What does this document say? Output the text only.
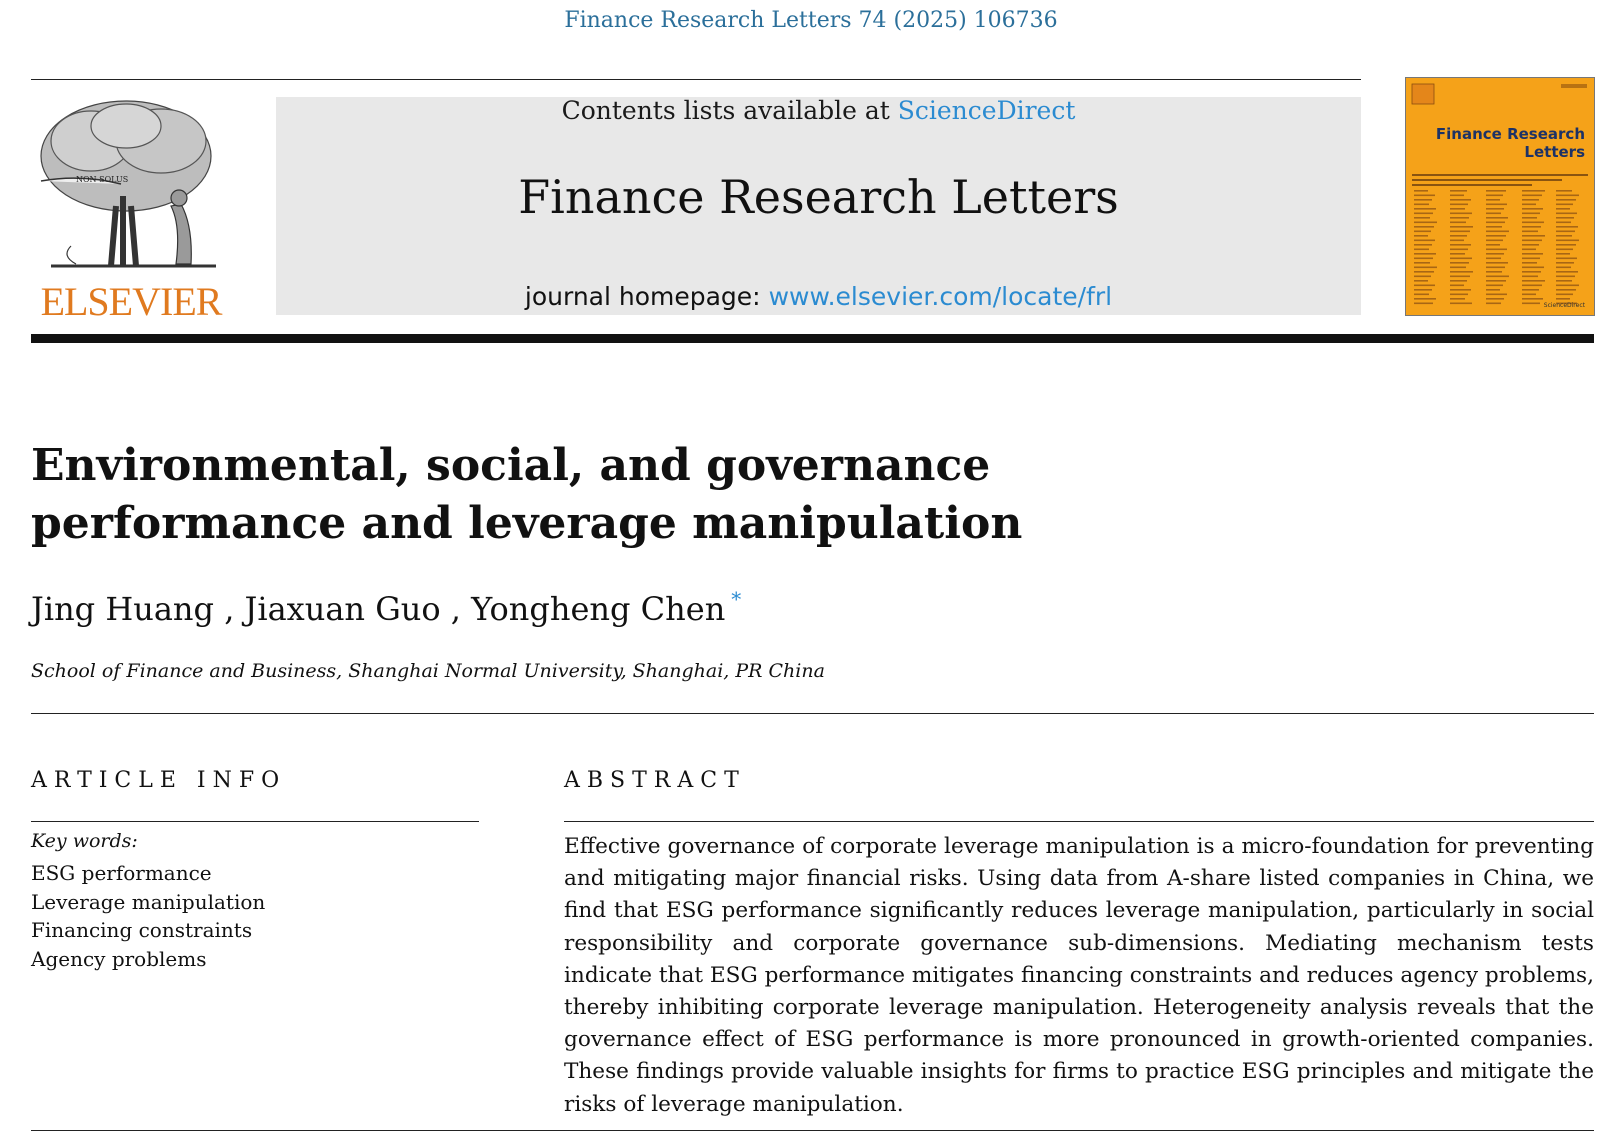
Finance Research Letters 74 (2025) 106736
NON SOLUS
ELSEVIER
Contents lists available at ScienceDirect
Finance Research Letters
journal homepage: www.elsevier.com/locate/frl
Finance Research
Letters
ScienceDirect
Environmental, social, and governance performance and leverage manipulation
Jing Huang , Jiaxuan Guo , Yongheng Chen *
School of Finance and Business, Shanghai Normal University, Shanghai, PR China
ARTICLE INFO	ABSTRACT
Key words:
ESG performance
Leverage manipulation
Financing constraints
Agency problems

Effective governance of corporate leverage manipulation is a micro-foundation for preventing and mitigating major financial risks. Using data from A-share listed companies in China, we find that ESG performance significantly reduces leverage manipulation, particularly in social responsibility and corporate governance sub-dimensions. Mediating mechanism tests indicate that ESG performance mitigates financing constraints and reduces agency problems, thereby inhibiting corporate leverage manipulation. Heterogeneity analysis reveals that the governance effect of ESG performance is more pronounced in growth-oriented companies. These findings provide valuable insights for firms to practice ESG principles and mitigate the risks of leverage manipulation.
